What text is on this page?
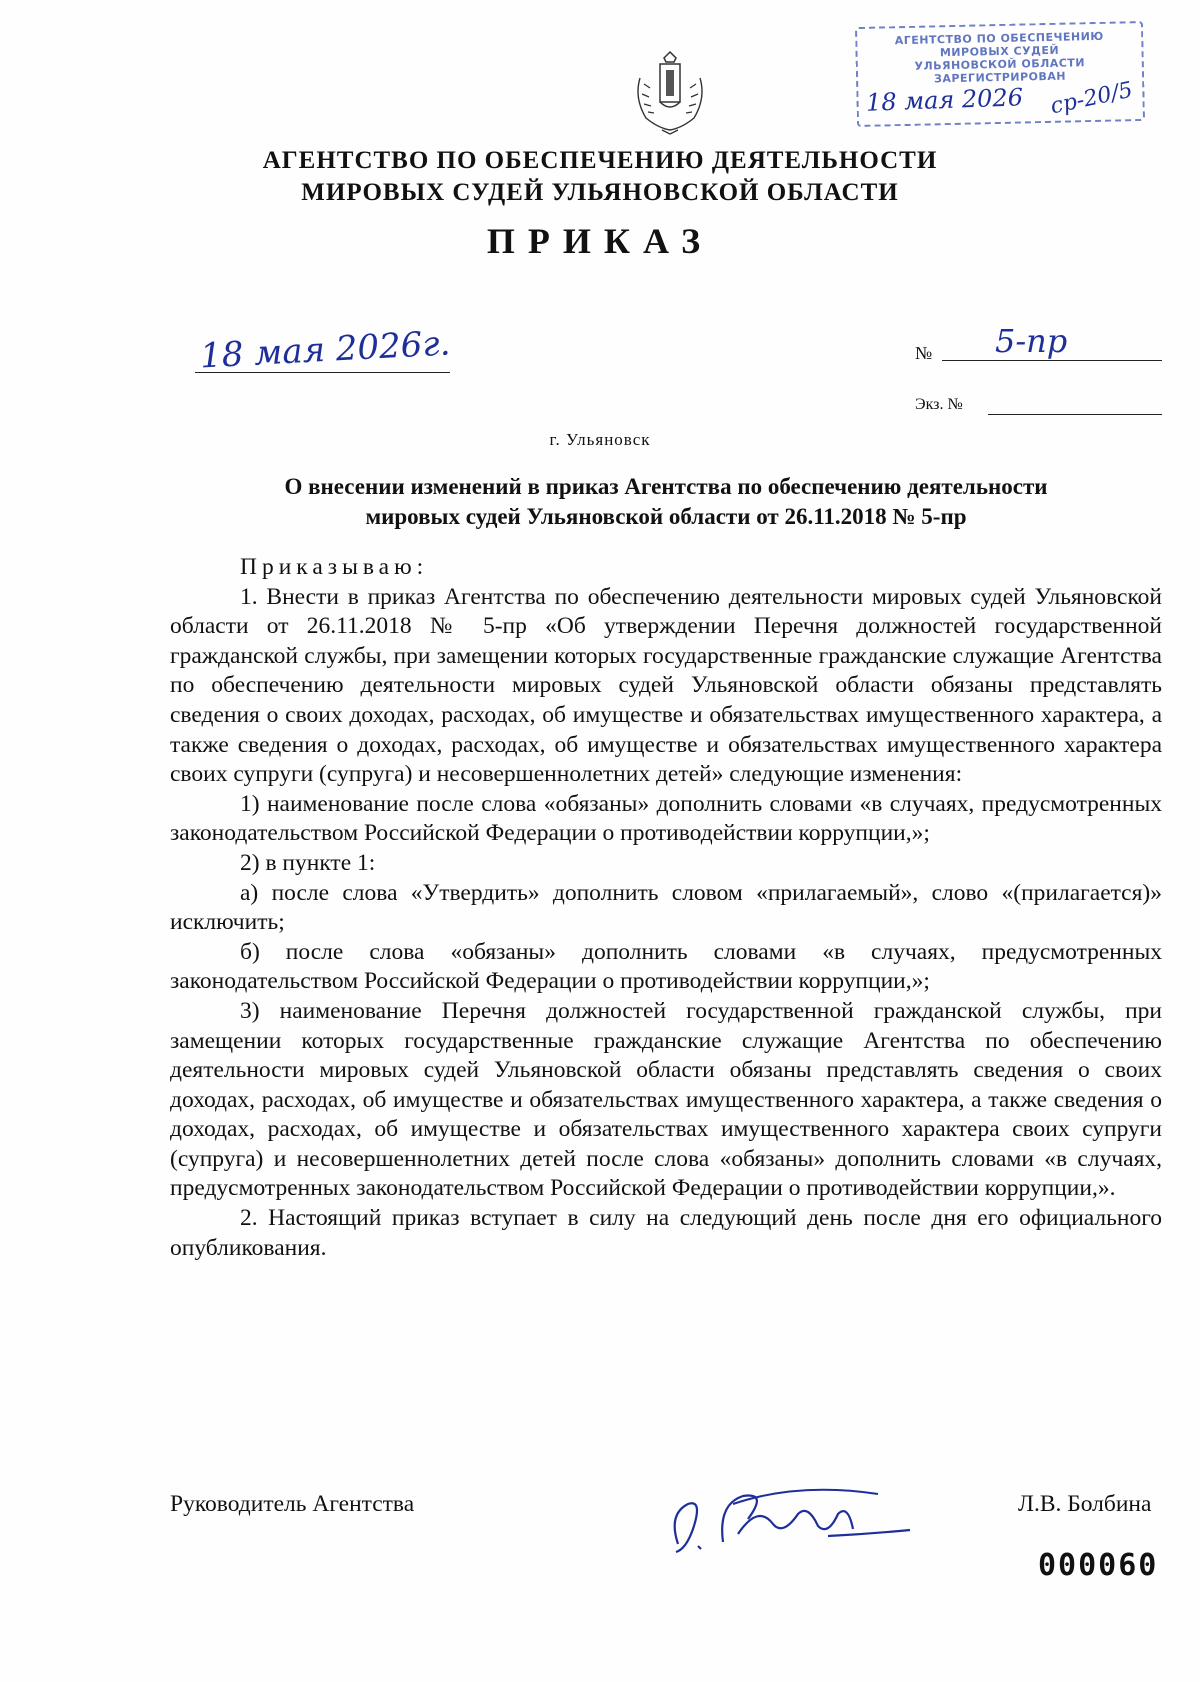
АГЕНТСТВО ПО ОБЕСПЕЧЕНИЮ
МИРОВЫХ СУДЕЙ
УЛЬЯНОВСКОЙ ОБЛАСТИ
ЗАРЕГИСТРИРОВАН
18 мая 2026 ср-20/5
АГЕНТСТВО ПО ОБЕСПЕЧЕНИЮ ДЕЯТЕЛЬНОСТИ
МИРОВЫХ СУДЕЙ УЛЬЯНОВСКОЙ ОБЛАСТИ
ПРИКАЗ
18 мая 2026г.	№ 5-пр
Экз. №
г. Ульяновск
О внесении изменений в приказ Агентства по обеспечению деятельности
мировых судей Ульяновской области от 26.11.2018 № 5-пр

Приказываю:

1. Внести в приказ Агентства по обеспечению деятельности мировых судей Ульяновской области от 26.11.2018 № 5-пр «Об утверждении Перечня должностей государственной гражданской службы, при замещении которых государственные гражданские служащие Агентства по обеспечению деятельности мировых судей Ульяновской области обязаны представлять сведения о своих доходах, расходах, об имуществе и обязательствах имущественного характера, а также сведения о доходах, расходах, об имуществе и обязательствах имущественного характера своих супруги (супруга) и несовершеннолетних детей» следующие изменения:

1) наименование после слова «обязаны» дополнить словами «в случаях, предусмотренных законодательством Российской Федерации о противодействии коррупции,»;

2) в пункте 1:

а) после слова «Утвердить» дополнить словом «прилагаемый», слово «(прилагается)» исключить;

б) после слова «обязаны» дополнить словами «в случаях, предусмотренных законодательством Российской Федерации о противодействии коррупции,»;

3) наименование Перечня должностей государственной гражданской службы, при замещении которых государственные гражданские служащие Агентства по обеспечению деятельности мировых судей Ульяновской области обязаны представлять сведения о своих доходах, расходах, об имуществе и обязательствах имущественного характера, а также сведения о доходах, расходах, об имуществе и обязательствах имущественного характера своих супруги (супруга) и несовершеннолетних детей после слова «обязаны» дополнить словами «в случаях, предусмотренных законодательством Российской Федерации о противодействии коррупции,».

2. Настоящий приказ вступает в силу на следующий день после дня его официального опубликования.

Руководитель Агентства	Л.В. Болбина
000060
